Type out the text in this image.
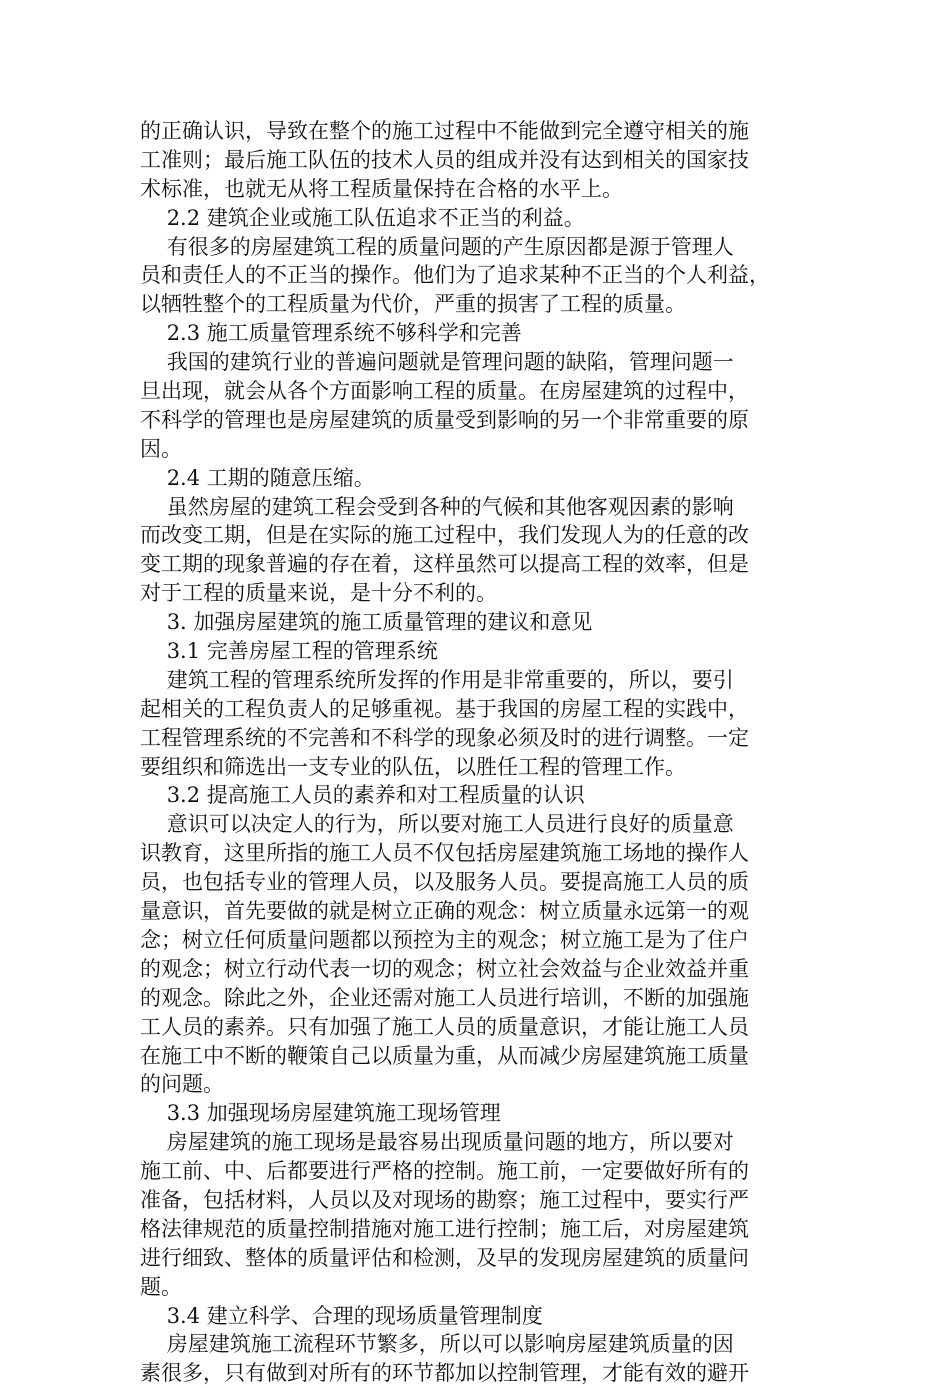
的正确认识，导致在整个的施工过程中不能做到完全遵守相关的施
工准则；最后施工队伍的技术人员的组成并没有达到相关的国家技
术标准，也就无从将工程质量保持在合格的水平上。
2.2 建筑企业或施工队伍追求不正当的利益。
有很多的房屋建筑工程的质量问题的产生原因都是源于管理人
员和责任人的不正当的操作。他们为了追求某种不正当的个人利益，
以牺牲整个的工程质量为代价，严重的损害了工程的质量。
2.3 施工质量管理系统不够科学和完善
我国的建筑行业的普遍问题就是管理问题的缺陷，管理问题一
旦出现，就会从各个方面影响工程的质量。在房屋建筑的过程中，
不科学的管理也是房屋建筑的质量受到影响的另一个非常重要的原
因。
2.4 工期的随意压缩。
虽然房屋的建筑工程会受到各种的气候和其他客观因素的影响
而改变工期，但是在实际的施工过程中，我们发现人为的任意的改
变工期的现象普遍的存在着，这样虽然可以提高工程的效率，但是
对于工程的质量来说，是十分不利的。
3. 加强房屋建筑的施工质量管理的建议和意见
3.1 完善房屋工程的管理系统
建筑工程的管理系统所发挥的作用是非常重要的，所以，要引
起相关的工程负责人的足够重视。基于我国的房屋工程的实践中，
工程管理系统的不完善和不科学的现象必须及时的进行调整。一定
要组织和筛选出一支专业的队伍，以胜任工程的管理工作。
3.2 提高施工人员的素养和对工程质量的认识
意识可以决定人的行为，所以要对施工人员进行良好的质量意
识教育，这里所指的施工人员不仅包括房屋建筑施工场地的操作人
员，也包括专业的管理人员，以及服务人员。要提高施工人员的质
量意识，首先要做的就是树立正确的观念：树立质量永远第一的观
念；树立任何质量问题都以预控为主的观念；树立施工是为了住户
的观念；树立行动代表一切的观念；树立社会效益与企业效益并重
的观念。除此之外，企业还需对施工人员进行培训，不断的加强施
工人员的素养。只有加强了施工人员的质量意识，才能让施工人员
在施工中不断的鞭策自己以质量为重，从而减少房屋建筑施工质量
的问题。
3.3 加强现场房屋建筑施工现场管理
房屋建筑的施工现场是最容易出现质量问题的地方，所以要对
施工前、中、后都要进行严格的控制。施工前，一定要做好所有的
准备，包括材料，人员以及对现场的勘察；施工过程中，要实行严
格法律规范的质量控制措施对施工进行控制；施工后，对房屋建筑
进行细致、整体的质量评估和检测，及早的发现房屋建筑的质量问
题。
3.4 建立科学、合理的现场质量管理制度
房屋建筑施工流程环节繁多，所以可以影响房屋建筑质量的因
素很多，只有做到对所有的环节都加以控制管理，才能有效的避开
